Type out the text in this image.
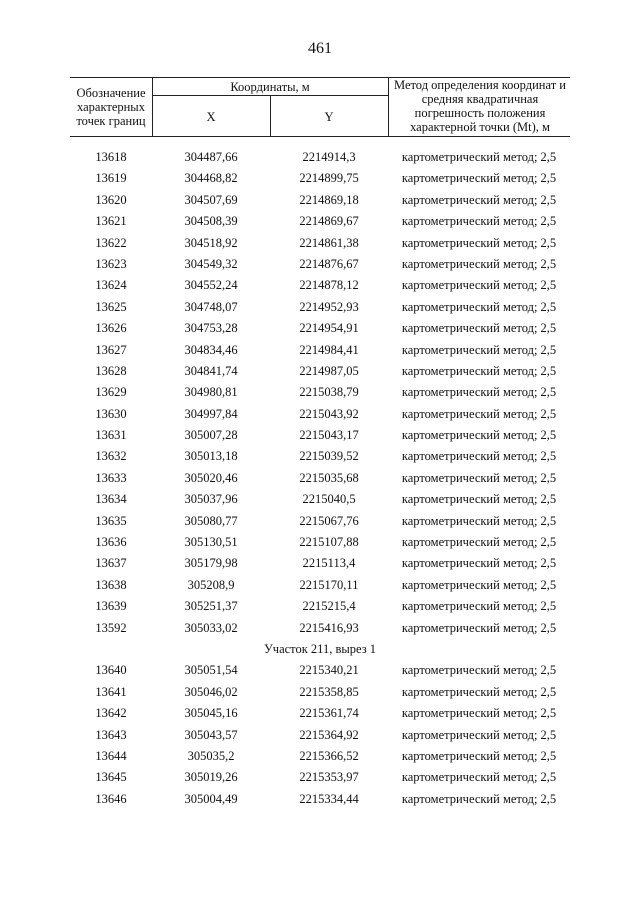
461
Обозначение характерных точек границ
Координаты, м
X	Y
Метод определения координат и средняя квадратичная погрешность положения характерной точки (Mt), м
13618	304487,66	2214914,3	картометрический метод; 2,5
13619	304468,82	2214899,75	картометрический метод; 2,5
13620	304507,69	2214869,18	картометрический метод; 2,5
13621	304508,39	2214869,67	картометрический метод; 2,5
13622	304518,92	2214861,38	картометрический метод; 2,5
13623	304549,32	2214876,67	картометрический метод; 2,5
13624	304552,24	2214878,12	картометрический метод; 2,5
13625	304748,07	2214952,93	картометрический метод; 2,5
13626	304753,28	2214954,91	картометрический метод; 2,5
13627	304834,46	2214984,41	картометрический метод; 2,5
13628	304841,74	2214987,05	картометрический метод; 2,5
13629	304980,81	2215038,79	картометрический метод; 2,5
13630	304997,84	2215043,92	картометрический метод; 2,5
13631	305007,28	2215043,17	картометрический метод; 2,5
13632	305013,18	2215039,52	картометрический метод; 2,5
13633	305020,46	2215035,68	картометрический метод; 2,5
13634	305037,96	2215040,5	картометрический метод; 2,5
13635	305080,77	2215067,76	картометрический метод; 2,5
13636	305130,51	2215107,88	картометрический метод; 2,5
13637	305179,98	2215113,4	картометрический метод; 2,5
13638	305208,9	2215170,11	картометрический метод; 2,5
13639	305251,37	2215215,4	картометрический метод; 2,5
13592	305033,02	2215416,93	картометрический метод; 2,5
Участок 211, вырез 1
13640	305051,54	2215340,21	картометрический метод; 2,5
13641	305046,02	2215358,85	картометрический метод; 2,5
13642	305045,16	2215361,74	картометрический метод; 2,5
13643	305043,57	2215364,92	картометрический метод; 2,5
13644	305035,2	2215366,52	картометрический метод; 2,5
13645	305019,26	2215353,97	картометрический метод; 2,5
13646	305004,49	2215334,44	картометрический метод; 2,5
